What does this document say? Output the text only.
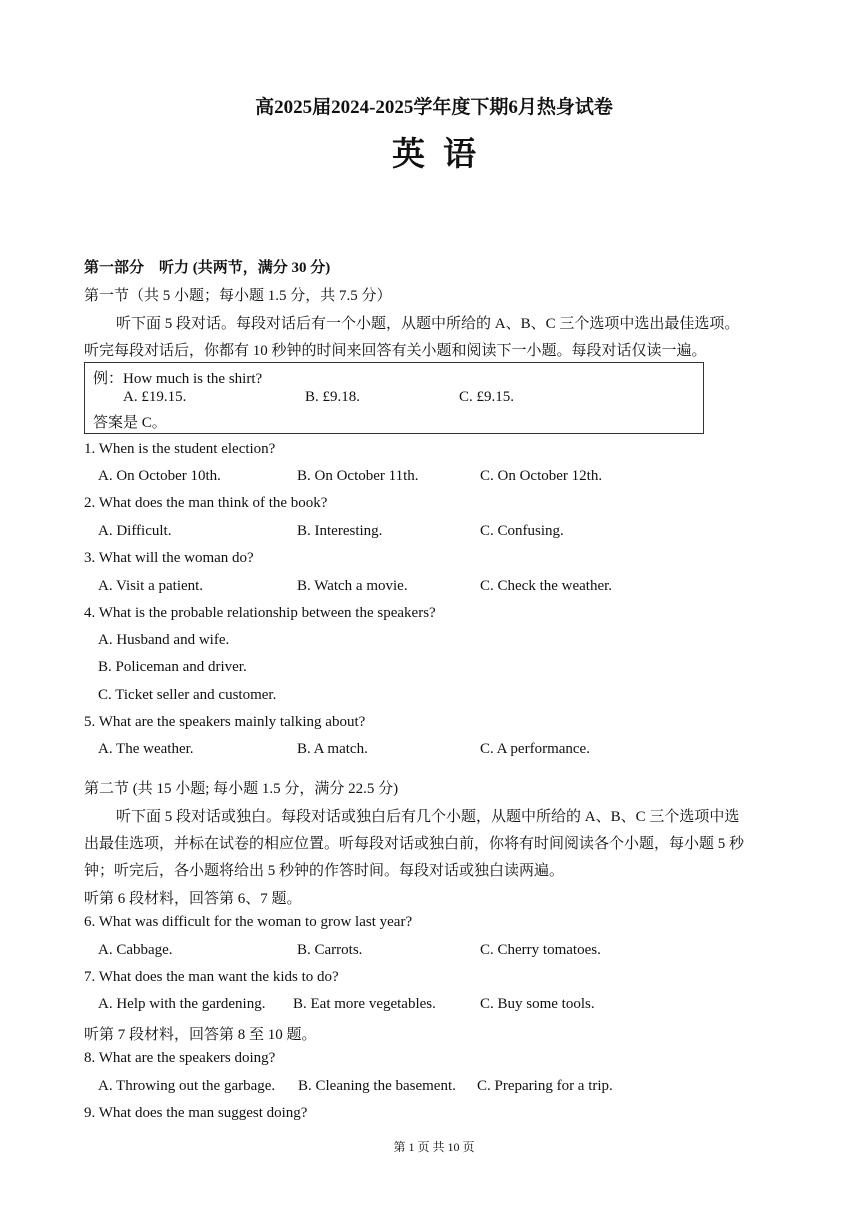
高2025届2024-2025学年度下期6月热身试卷
英语
第一部分　听力 (共两节，满分 30 分)
第一节（共 5 小题；每小题 1.5 分，共 7.5 分）
听下面 5 段对话。每段对话后有一个小题，从题中所给的 A、B、C 三个选项中选出最佳选项。
听完每段对话后，你都有 10 秒钟的时间来回答有关小题和阅读下一小题。每段对话仅读一遍。
例：How much is the shirt?
A. £19.15.	B. £9.18.	C. £9.15.
答案是 C。
1. When is the student election?
A. On October 10th.	B. On October 11th.	C. On October 12th.
2. What does the man think of the book?
A. Difficult.	B. Interesting.	C. Confusing.
3. What will the woman do?
A. Visit a patient.	B. Watch a movie.	C. Check the weather.
4. What is the probable relationship between the speakers?
A. Husband and wife.
B. Policeman and driver.
C. Ticket seller and customer.
5. What are the speakers mainly talking about?
A. The weather.	B. A match.	C. A performance.
第二节 (共 15 小题; 每小题 1.5 分，满分 22.5 分)
听下面 5 段对话或独白。每段对话或独白后有几个小题，从题中所给的 A、B、C 三个选项中选
出最佳选项，并标在试卷的相应位置。听每段对话或独白前，你将有时间阅读各个小题，每小题 5 秒
钟；听完后，各小题将给出 5 秒钟的作答时间。每段对话或独白读两遍。
听第 6 段材料，回答第 6、7 题。
6. What was difficult for the woman to grow last year?
A. Cabbage.	B. Carrots.	C. Cherry tomatoes.
7. What does the man want the kids to do?
A. Help with the gardening. B. Eat more vegetables.	C. Buy some tools.
听第 7 段材料，回答第 8 至 10 题。
8. What are the speakers doing?
A. Throwing out the garbage. B. Cleaning the basement. C. Preparing for a trip.
9. What does the man suggest doing?
第 1 页 共 10 页
